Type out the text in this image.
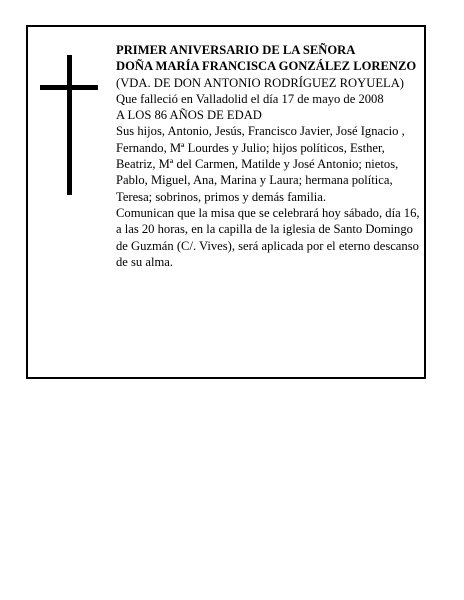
PRIMER ANIVERSARIO DE LA SEÑORA

DOÑA MARÍA FRANCISCA GONZÁLEZ LORENZO

(VDA. DE DON ANTONIO RODRÍGUEZ ROYUELA)

Que falleció en Valladolid el día 17 de mayo de 2008

A LOS 86 AÑOS DE EDAD

Sus hijos, Antonio, Jesús, Francisco Javier, José Ignacio , Fernando, Mª Lourdes y Julio; hijos políticos, Esther, Beatriz, Mª del Carmen, Matilde y José Antonio; nietos, Pablo, Miguel, Ana, Marina y Laura; hermana política, Teresa; sobrinos, primos y demás familia.

Comunican que la misa que se celebrará hoy sábado, día 16, a las 20 horas, en la capilla de la iglesia de Santo Domingo de Guzmán (C/. Vives), será aplicada por el eterno descanso de su alma.
